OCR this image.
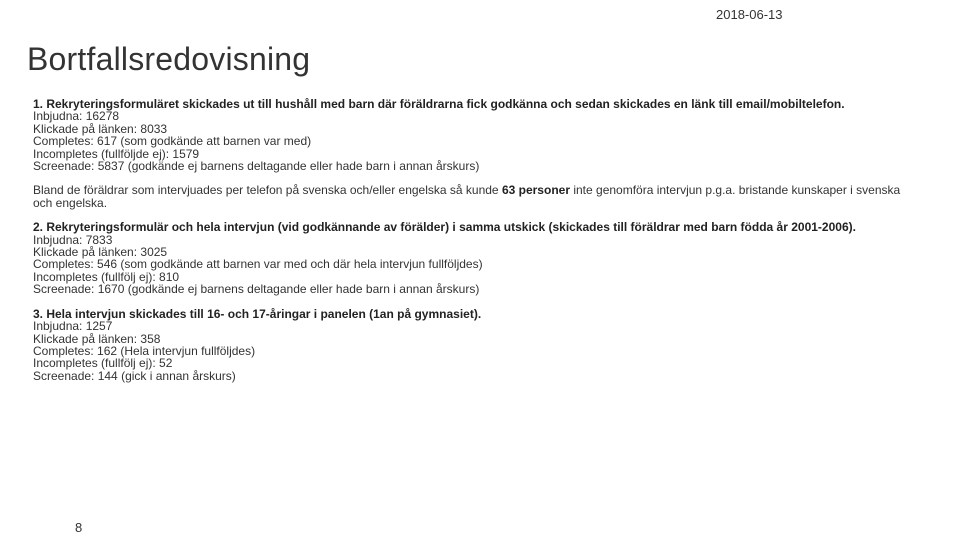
2018-06-13
Bortfallsredovisning
1. Rekryteringsformuläret skickades ut till hushåll med barn där föräldrarna fick godkänna och sedan skickades en länk till email/mobiltelefon.
Inbjudna: 16278
Klickade på länken: 8033
Completes: 617 (som godkände att barnen var med)
Incompletes (fullföljde ej): 1579
Screenade: 5837 (godkände ej barnens deltagande eller hade barn i annan årskurs)

Bland de föräldrar som intervjuades per telefon på svenska och/eller engelska så kunde 63 personer inte genomföra intervjun p.g.a. bristande kunskaper i svenska och engelska.

2. Rekryteringsformulär och hela intervjun (vid godkännande av förälder) i samma utskick (skickades till föräldrar med barn födda år 2001-2006).
Inbjudna: 7833
Klickade på länken: 3025
Completes: 546 (som godkände att barnen var med och där hela intervjun fullföljdes)
Incompletes (fullfölj ej): 810
Screenade: 1670 (godkände ej barnens deltagande eller hade barn i annan årskurs)
3. Hela intervjun skickades till 16- och 17-åringar i panelen (1an på gymnasiet).
Inbjudna: 1257
Klickade på länken: 358
Completes: 162 (Hela intervjun fullföljdes)
Incompletes (fullfölj ej): 52
Screenade: 144 (gick i annan årskurs)
8
